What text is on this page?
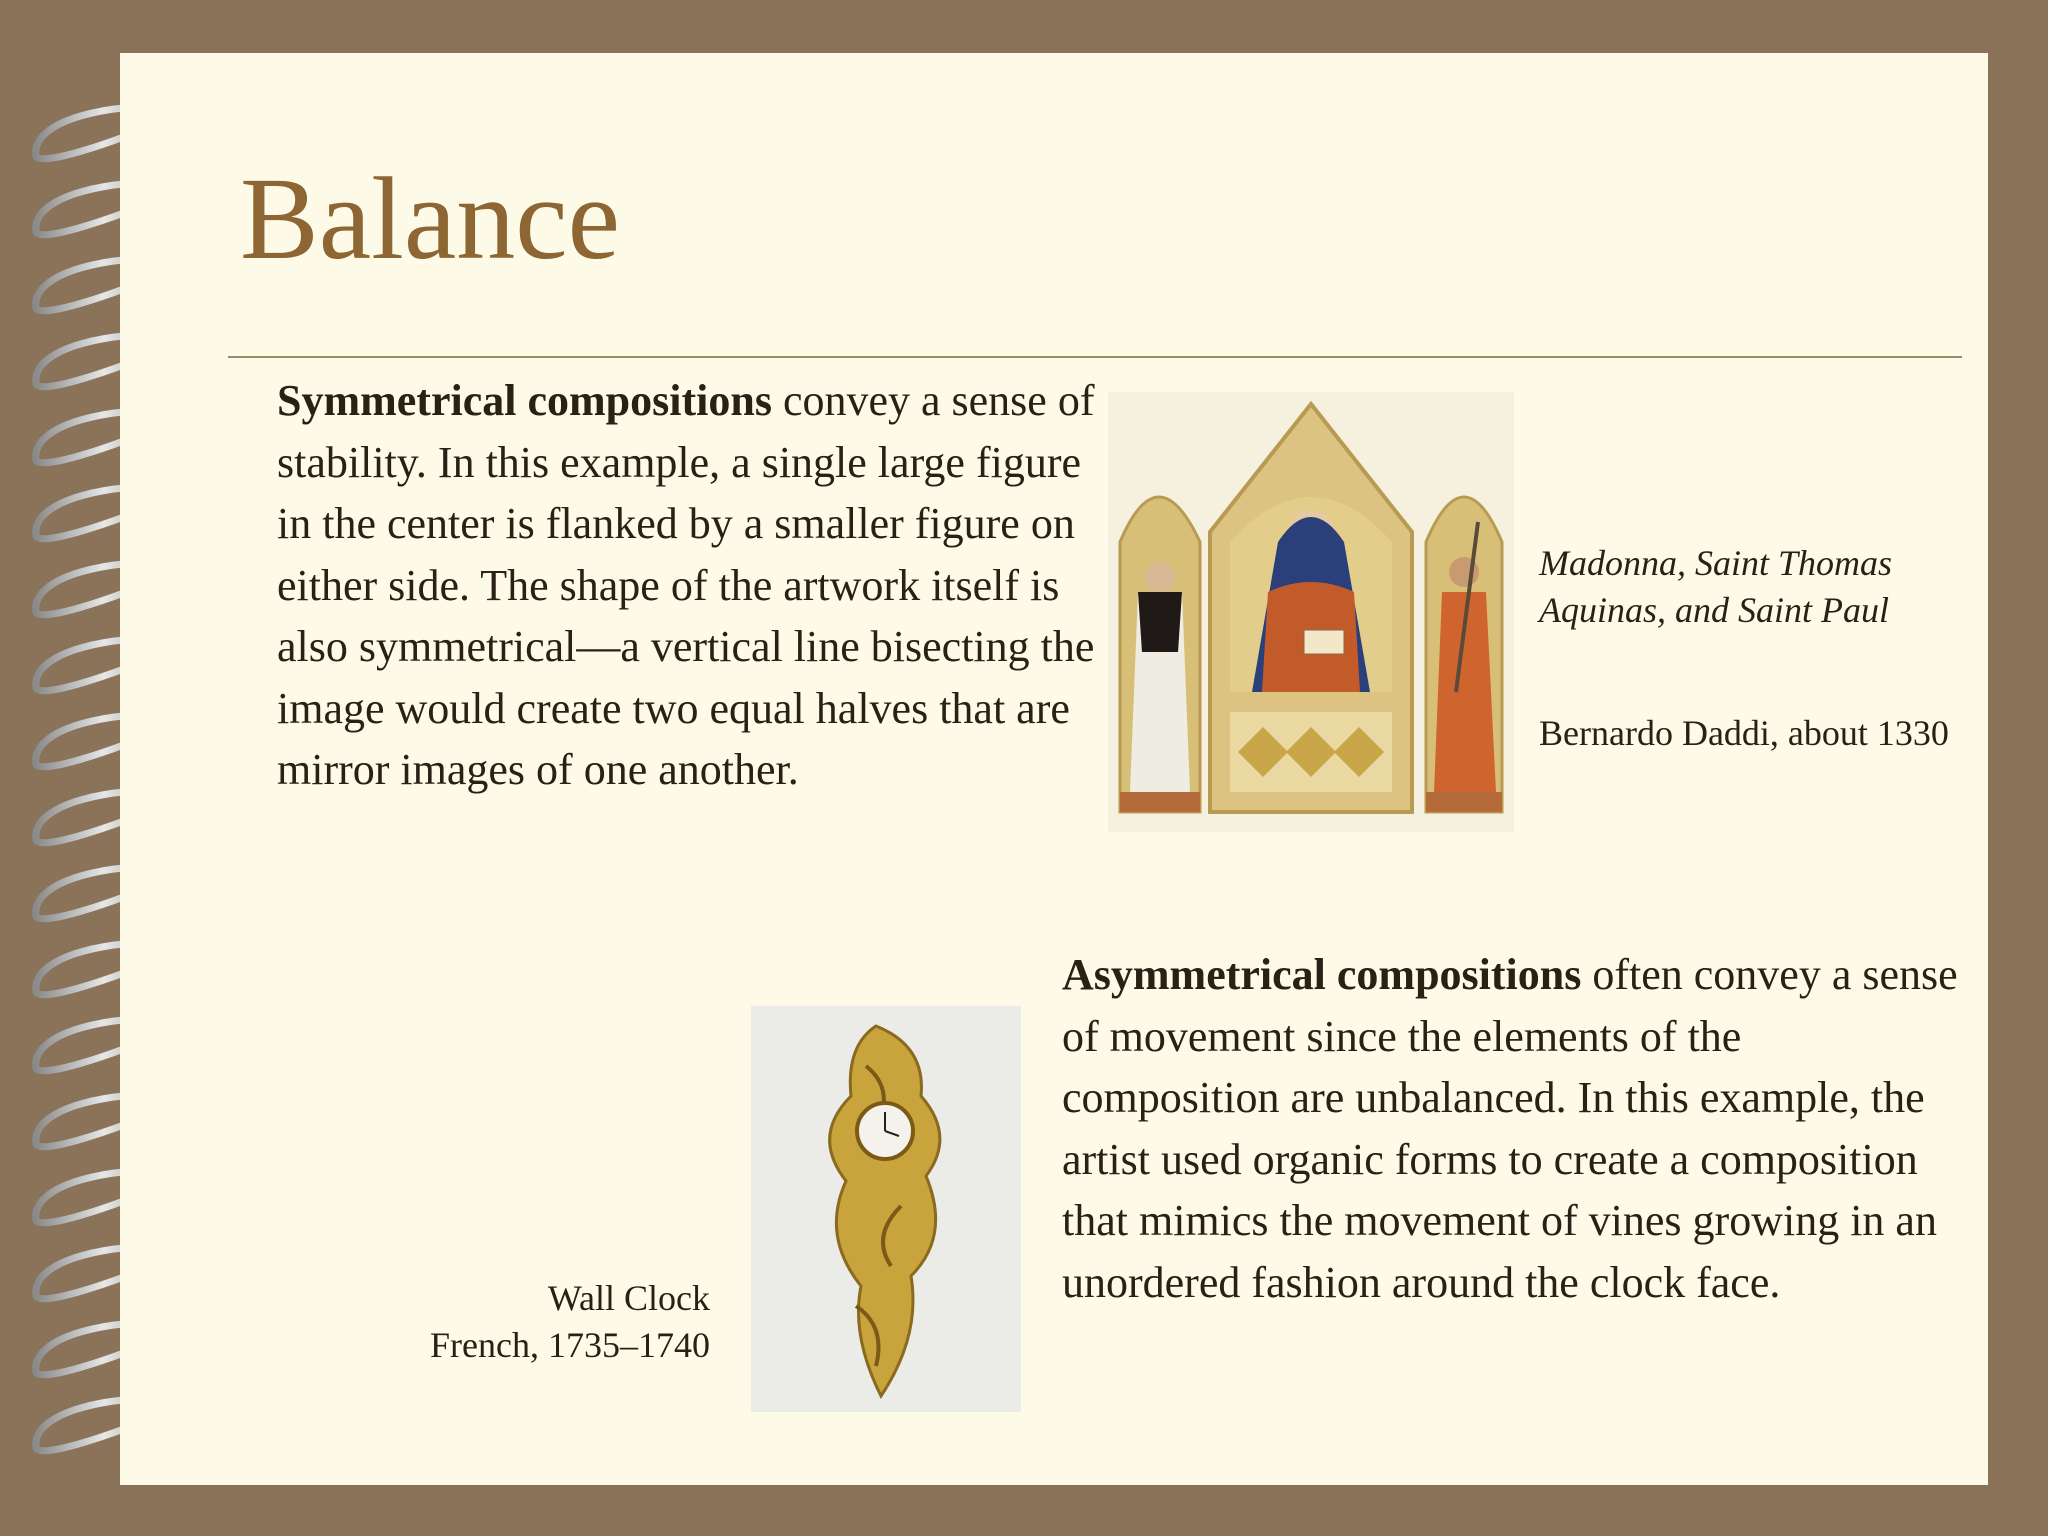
Balance
Symmetrical compositions convey a sense of stability. In this example, a single large figure in the center is flanked by a smaller figure on either side. The shape of the artwork itself is also symmetrical—a vertical line bisecting the image would create two equal halves that are mirror images of one another.
Madonna, Saint Thomas Aquinas, and Saint Paul
Bernardo Daddi, about 1330
Asymmetrical compositions often convey a sense of movement since the elements of the composition are unbalanced. In this example, the artist used organic forms to create a composition that mimics the movement of vines growing in an unordered fashion around the clock face.
Wall Clock
French, 1735–1740
